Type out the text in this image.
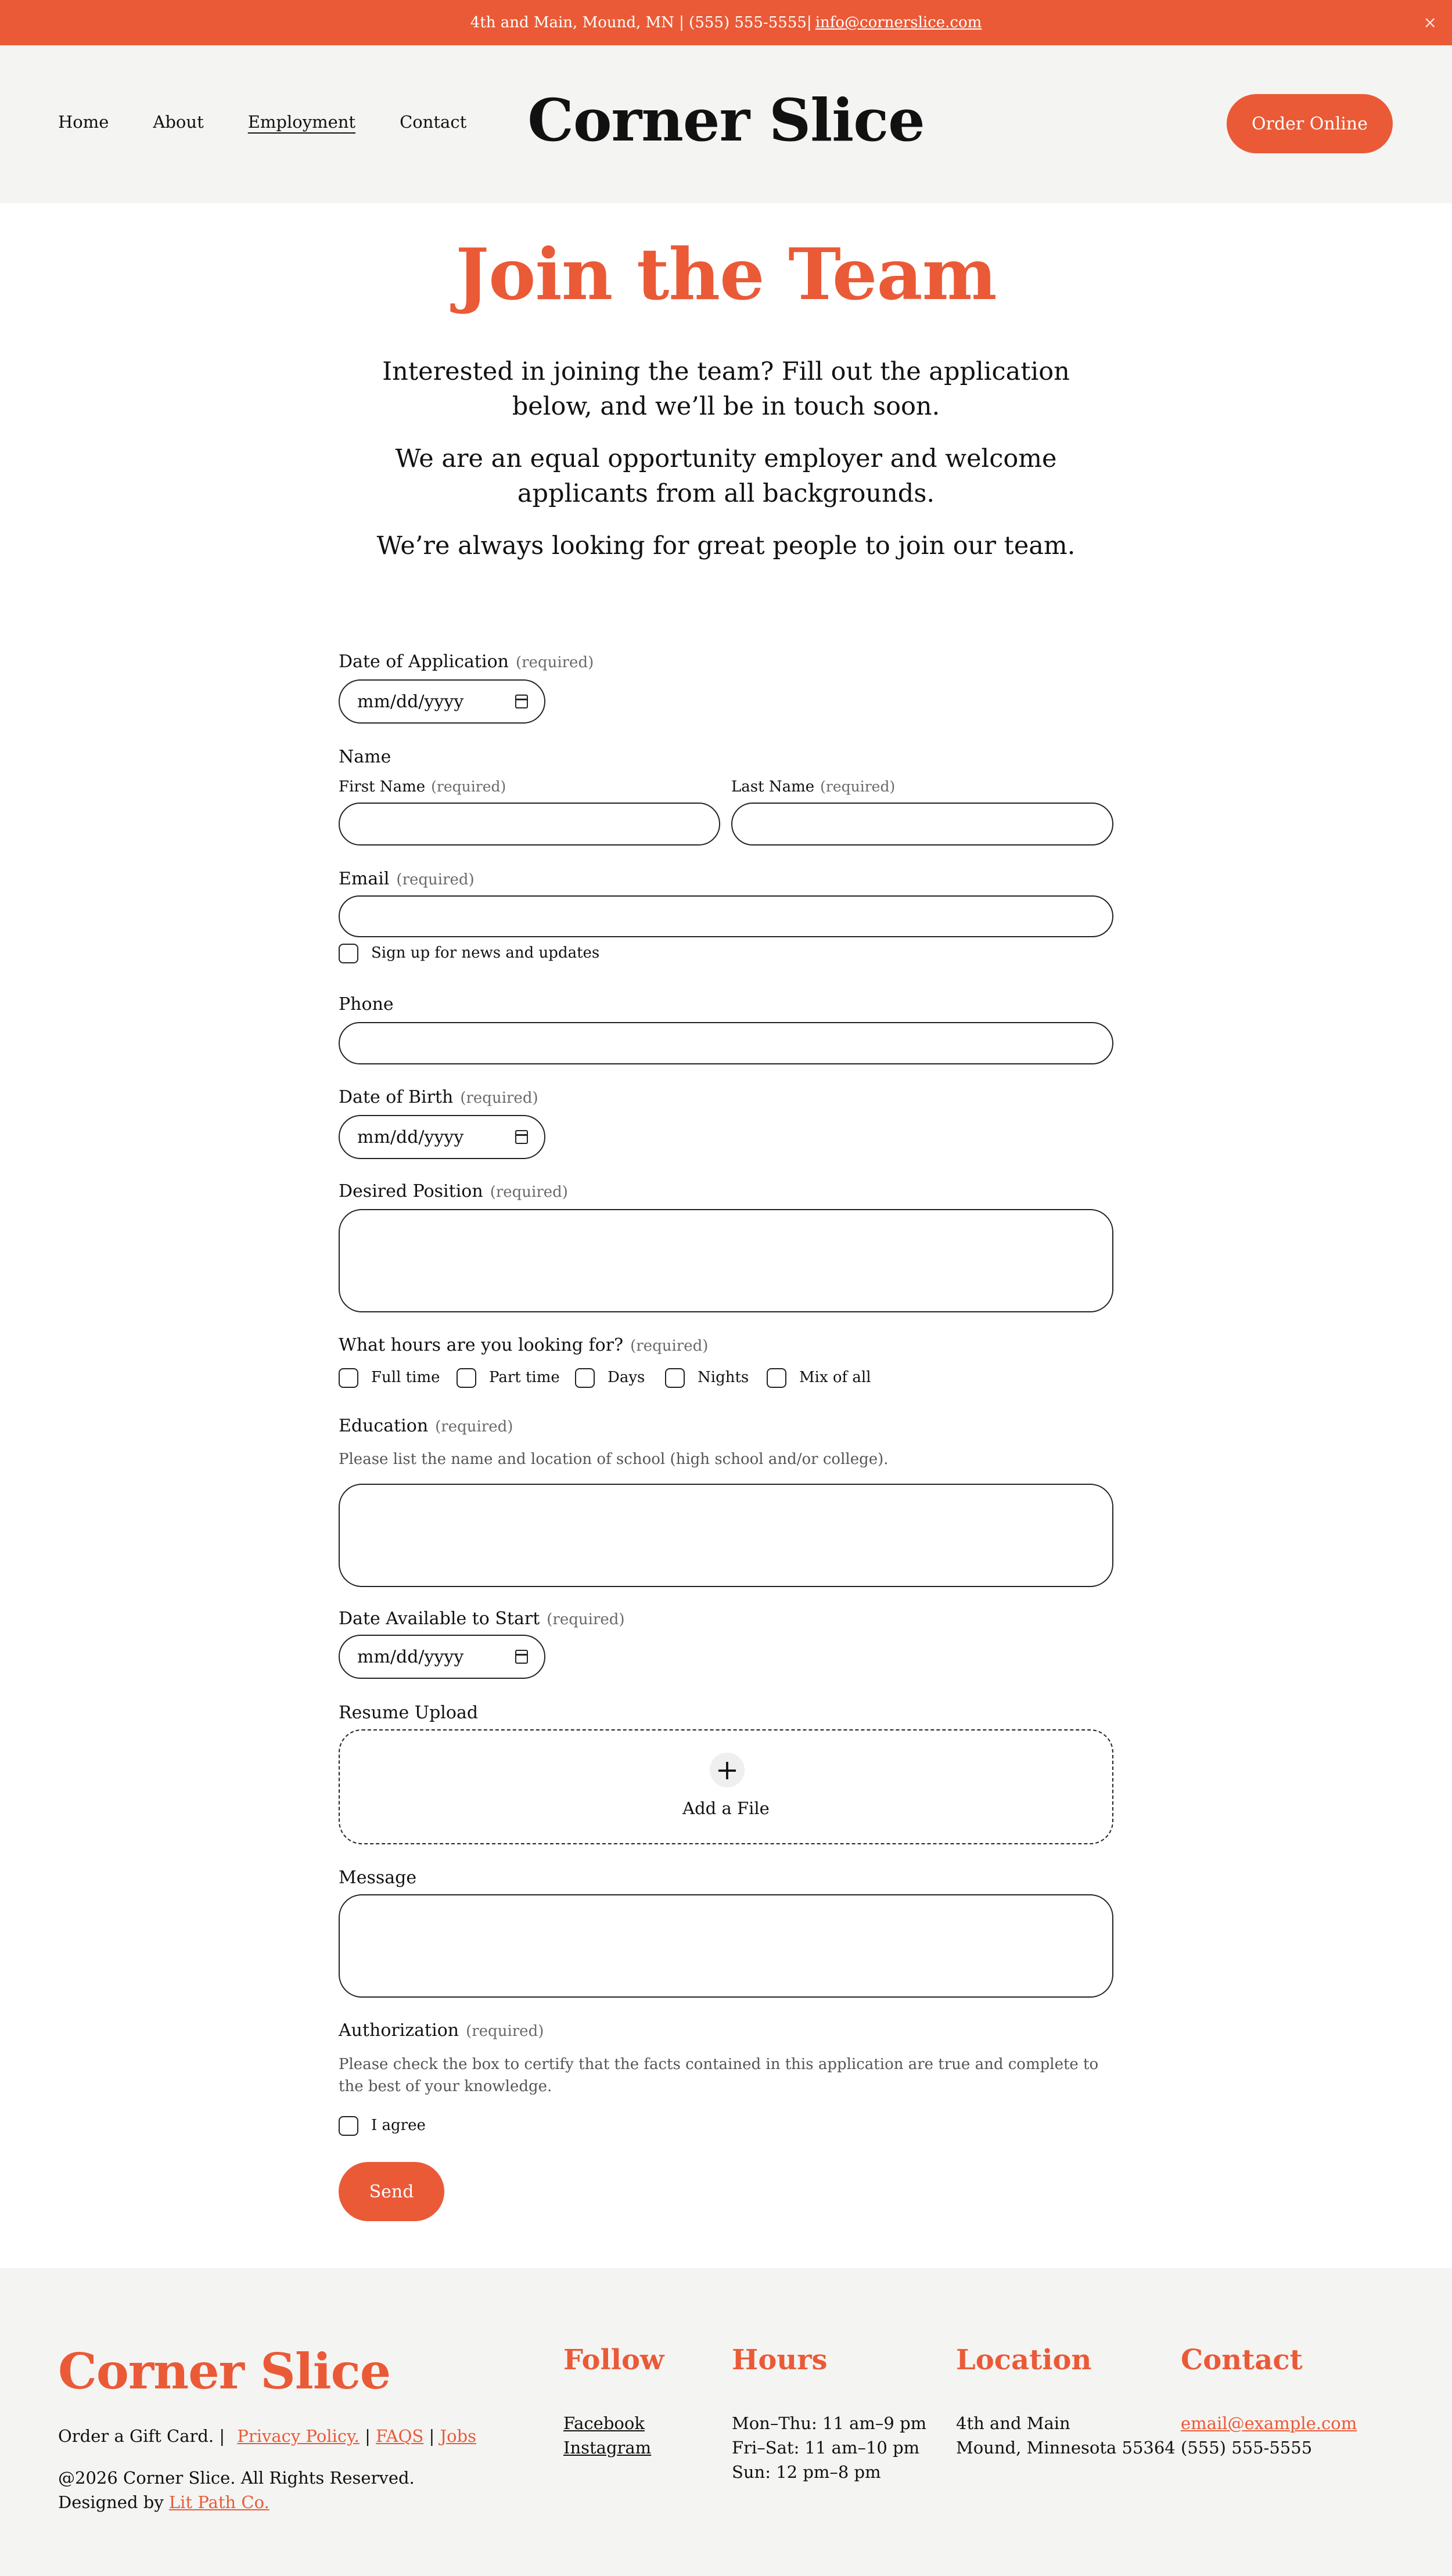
4th and Main, Mound, MN | (555) 555-5555| info@cornerslice.com	×
Home	About	Employment	Contact	Corner Slice	Order Online
Join the Team

Interested in joining the team? Fill out the application below, and we’ll be in touch soon.

We are an equal opportunity employer and welcome applicants from all backgrounds.

We’re always looking for great people to join our team.

Date of Application (required)
mm/dd/yyyy
Name
First Name (required)	Last Name (required)
Email (required)
Sign up for news and updates
Phone
Date of Birth (required)
mm/dd/yyyy
Desired Position (required)
What hours are you looking for? (required)
Full time	Part time	Days	Nights	Mix of all
Education (required)
Please list the name and location of school (high school and/or college).
Date Available to Start (required)
mm/dd/yyyy
Resume Upload
+
Add a File
Message
Authorization (required)
Please check the box to certify that the facts contained in this application are true and complete to the best of your knowledge.
I agree
Send
Corner Slice
Order a Gift Card. | Privacy Policy. | FAQS | Jobs
@2026 Corner Slice. All Rights Reserved.
Designed by Lit Path Co.
Follow
Facebook
Instagram
Hours
Mon–Thu: 11 am–9 pm
Fri–Sat: 11 am–10 pm
Sun: 12 pm–8 pm
Location
4th and Main
Mound, Minnesota 55364
Contact
email@example.com
(555) 555-5555
